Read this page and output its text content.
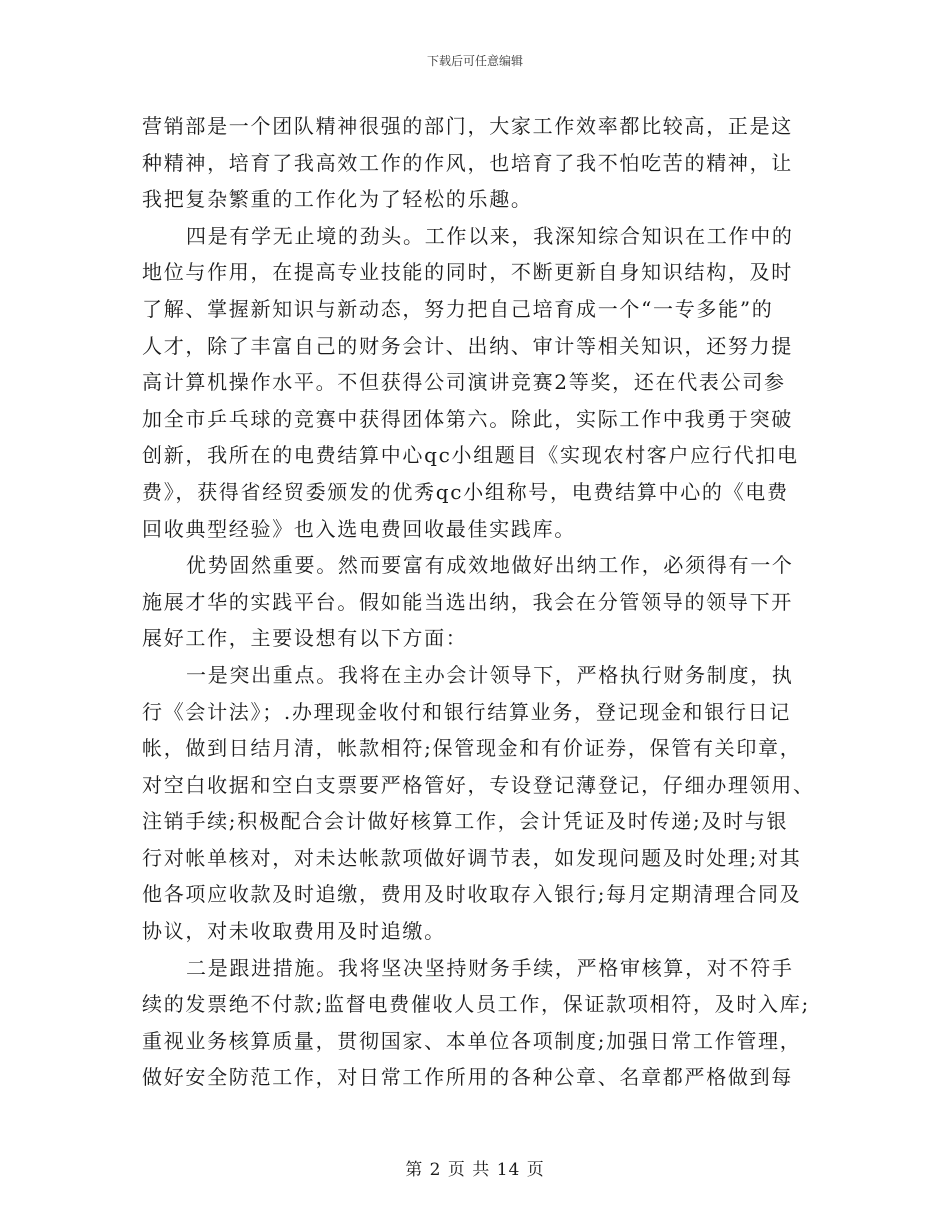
下载后可任意编辑
营销部是一个团队精神很强的部门，大家工作效率都比较高，正是这
种精神，培育了我高效工作的作风，也培育了我不怕吃苦的精神，让
我把复杂繁重的工作化为了轻松的乐趣。
四是有学无止境的劲头。工作以来，我深知综合知识在工作中的
地位与作用，在提高专业技能的同时，不断更新自身知识结构，及时
了解、掌握新知识与新动态，努力把自己培育成一个“一专多能”的
人才，除了丰富自己的财务会计、出纳、审计等相关知识，还努力提
高计算机操作水平。不但获得公司演讲竞赛2等奖，还在代表公司参
加全市乒乓球的竞赛中获得团体第六。除此，实际工作中我勇于突破
创新，我所在的电费结算中心qc小组题目《实现农村客户应行代扣电
费》，获得省经贸委颁发的优秀qc小组称号，电费结算中心的《电费
回收典型经验》也入选电费回收最佳实践库。
优势固然重要。然而要富有成效地做好出纳工作，必须得有一个
施展才华的实践平台。假如能当选出纳，我会在分管领导的领导下开
展好工作，主要设想有以下方面：
一是突出重点。我将在主办会计领导下，严格执行财务制度，执
行《会计法》；.办理现金收付和银行结算业务，登记现金和银行日记
帐，做到日结月清，帐款相符;保管现金和有价证券，保管有关印章，
对空白收据和空白支票要严格管好，专设登记薄登记，仔细办理领用、
注销手续;积极配合会计做好核算工作，会计凭证及时传递;及时与银
行对帐单核对，对未达帐款项做好调节表，如发现问题及时处理;对其
他各项应收款及时追缴，费用及时收取存入银行;每月定期清理合同及
协议，对未收取费用及时追缴。
二是跟进措施。我将坚决坚持财务手续，严格审核算，对不符手
续的发票绝不付款;监督电费催收人员工作，保证款项相符，及时入库;
重视业务核算质量，贯彻国家、本单位各项制度;加强日常工作管理，
做好安全防范工作，对日常工作所用的各种公章、名章都严格做到每
第 2 页 共 14 页
